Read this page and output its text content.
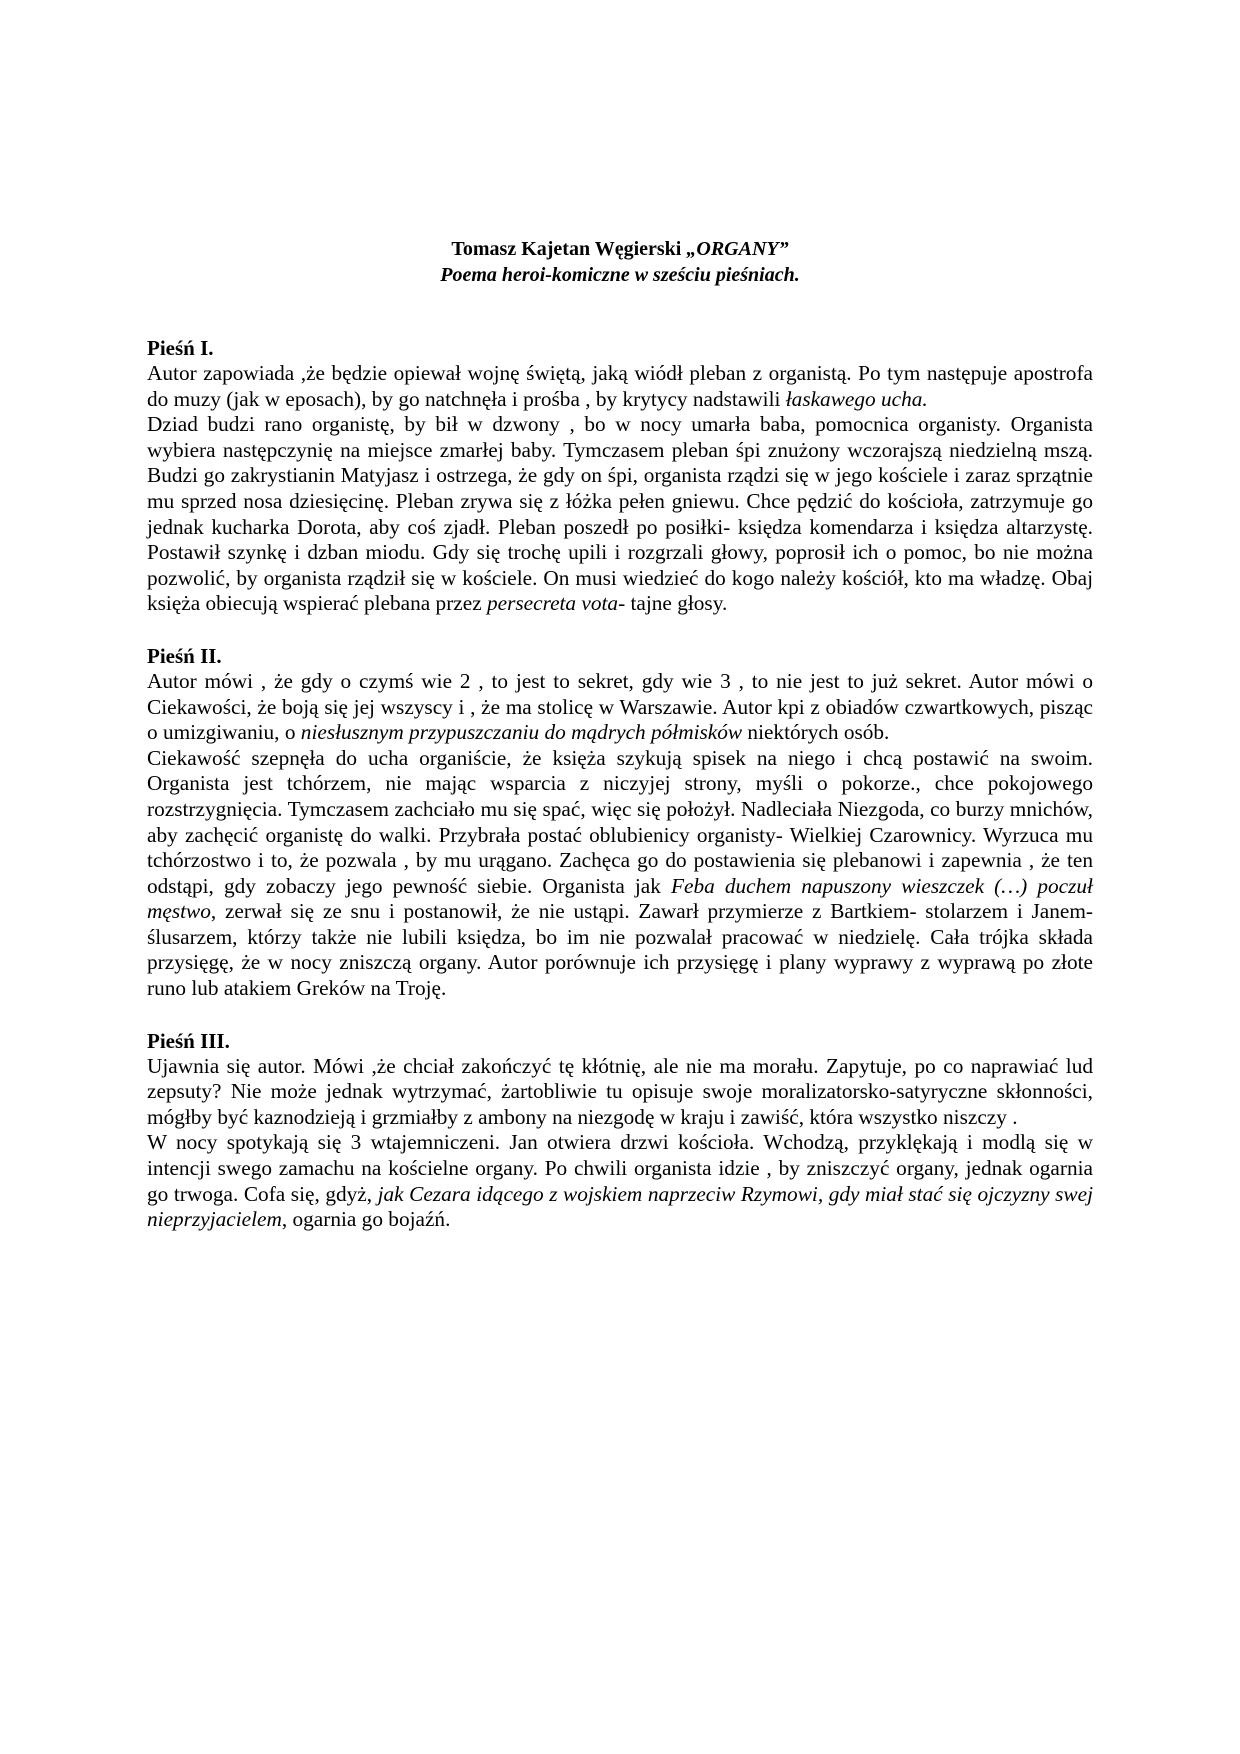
Tomasz Kajetan Węgierski „ORGANY”
Poema heroi-komiczne w sześciu pieśniach.
Pieśń I.

Autor zapowiada ,że będzie opiewał wojnę świętą, jaką wiódł pleban z organistą. Po tym następuje apostrofa do muzy (jak w eposach), by go natchnęła i prośba , by krytycy nadstawili łaskawego ucha.

Dziad budzi rano organistę, by bił w dzwony , bo w nocy umarła baba, pomocnica organisty. Organista wybiera następczynię na miejsce zmarłej baby. Tymczasem pleban śpi znużony wczorajszą niedzielną mszą. Budzi go zakrystianin Matyjasz i ostrzega, że gdy on śpi, organista rządzi się w jego kościele i zaraz sprzątnie mu sprzed nosa dziesięcinę. Pleban zrywa się z łóżka pełen gniewu. Chce pędzić do kościoła, zatrzymuje go jednak kucharka Dorota, aby coś zjadł. Pleban poszedł po posiłki- księdza komendarza i księdza altarzystę. Postawił szynkę i dzban miodu. Gdy się trochę upili i rozgrzali głowy, poprosił ich o pomoc, bo nie można pozwolić, by organista rządził się w kościele. On musi wiedzieć do kogo należy kościół, kto ma władzę. Obaj księża obiecują wspierać plebana przez persecreta vota- tajne głosy.

Pieśń II.

Autor mówi , że gdy o czymś wie 2 , to jest to sekret, gdy wie 3 , to nie jest to już sekret. Autor mówi o Ciekawości, że boją się jej wszyscy i , że ma stolicę w Warszawie. Autor kpi z obiadów czwartkowych, pisząc o umizgiwaniu, o niesłusznym przypuszczaniu do mądrych półmisków niektórych osób.

Ciekawość szepnęła do ucha organiście, że księża szykują spisek na niego i chcą postawić na swoim. Organista jest tchórzem, nie mając wsparcia z niczyjej strony, myśli o pokorze., chce pokojowego rozstrzygnięcia. Tymczasem zachciało mu się spać, więc się położył. Nadleciała Niezgoda, co burzy mnichów, aby zachęcić organistę do walki. Przybrała postać oblubienicy organisty- Wielkiej Czarownicy. Wyrzuca mu tchórzostwo i to, że pozwala , by mu urągano. Zachęca go do postawienia się plebanowi i zapewnia , że ten odstąpi, gdy zobaczy jego pewność siebie. Organista jak Feba duchem napuszony wieszczek (…) poczuł męstwo, zerwał się ze snu i postanowił, że nie ustąpi. Zawarł przymierze z Bartkiem- stolarzem i Janem-ślusarzem, którzy także nie lubili księdza, bo im nie pozwalał pracować w niedzielę. Cała trójka składa przysięgę, że w nocy zniszczą organy. Autor porównuje ich przysięgę i plany wyprawy z wyprawą po złote runo lub atakiem Greków na Troję.

Pieśń III.

Ujawnia się autor. Mówi ,że chciał zakończyć tę kłótnię, ale nie ma morału. Zapytuje, po co naprawiać lud zepsuty? Nie może jednak wytrzymać, żartobliwie tu opisuje swoje moralizatorsko-satyryczne skłonności, mógłby być kaznodzieją i grzmiałby z ambony na niezgodę w kraju i zawiść, która wszystko niszczy .

W nocy spotykają się 3 wtajemniczeni. Jan otwiera drzwi kościoła. Wchodzą, przyklękają i modlą się w intencji swego zamachu na kościelne organy. Po chwili organista idzie , by zniszczyć organy, jednak ogarnia go trwoga. Cofa się, gdyż, jak Cezara idącego z wojskiem naprzeciw Rzymowi, gdy miał stać się ojczyzny swej nieprzyjacielem, ogarnia go bojaźń.
